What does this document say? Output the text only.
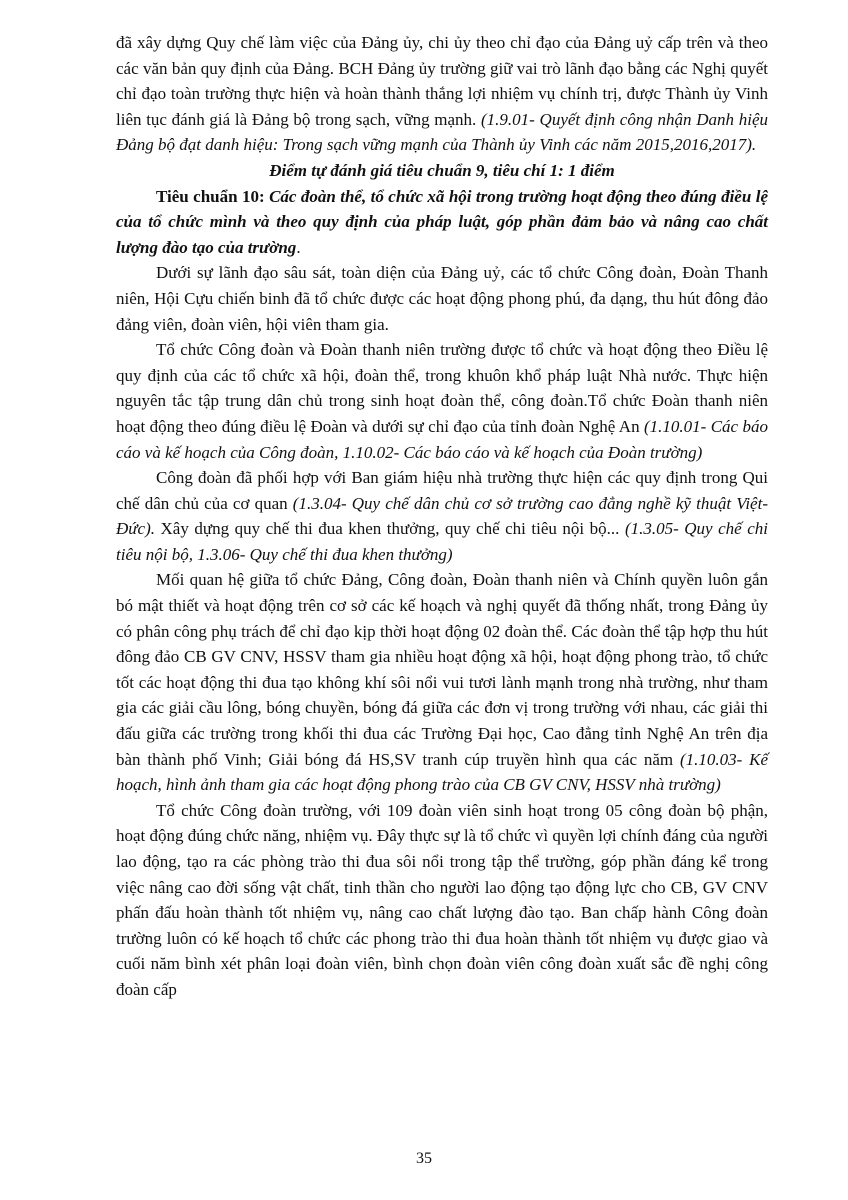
đã xây dựng Quy chế làm việc của Đảng ủy, chi ủy theo chỉ đạo của Đảng uỷ cấp trên và theo các văn bản quy định của Đảng. BCH Đảng ủy trường giữ vai trò lãnh đạo bằng các Nghị quyết chỉ đạo toàn trường thực hiện và hoàn thành thắng lợi nhiệm vụ chính trị, được Thành ủy Vinh liên tục đánh giá là Đảng bộ trong sạch, vững mạnh. (1.9.01- Quyết định công nhận Danh hiệu Đảng bộ đạt danh hiệu: Trong sạch vững mạnh của Thành ủy Vinh các năm 2015,2016,2017).

Điểm tự đánh giá tiêu chuẩn 9, tiêu chí 1: 1 điểm

Tiêu chuẩn 10: Các đoàn thể, tổ chức xã hội trong trường hoạt động theo đúng điều lệ của tổ chức mình và theo quy định của pháp luật, góp phần đảm bảo và nâng cao chất lượng đào tạo của trường.

Dưới sự lãnh đạo sâu sát, toàn diện của Đảng uỷ, các tổ chức Công đoàn, Đoàn Thanh niên, Hội Cựu chiến binh đã tổ chức được các hoạt động phong phú, đa dạng, thu hút đông đảo đảng viên, đoàn viên, hội viên tham gia.

Tổ chức Công đoàn và Đoàn thanh niên trường được tổ chức và hoạt động theo Điều lệ quy định của các tổ chức xã hội, đoàn thể, trong khuôn khổ pháp luật Nhà nước. Thực hiện nguyên tắc tập trung dân chủ trong sinh hoạt đoàn thể, công đoàn.Tổ chức Đoàn thanh niên hoạt động theo đúng điều lệ Đoàn và dưới sự chỉ đạo của tỉnh đoàn Nghệ An (1.10.01- Các báo cáo và kế hoạch của Công đoàn, 1.10.02- Các báo cáo và kế hoạch của Đoàn trường)

Công đoàn đã phối hợp với Ban giám hiệu nhà trường thực hiện các quy định trong Qui chế dân chủ của cơ quan (1.3.04- Quy chế dân chủ cơ sở trường cao đẳng nghề kỹ thuật Việt-Đức). Xây dựng quy chế thi đua khen thưởng, quy chế chi tiêu nội bộ... (1.3.05- Quy chế chi tiêu nội bộ, 1.3.06- Quy chế thi đua khen thưởng)

Mối quan hệ giữa tổ chức Đảng, Công đoàn, Đoàn thanh niên và Chính quyền luôn gắn bó mật thiết và hoạt động trên cơ sở các kế hoạch và nghị quyết đã thống nhất, trong Đảng ủy có phân công phụ trách để chỉ đạo kịp thời hoạt động 02 đoàn thể. Các đoàn thể tập hợp thu hút đông đảo CB GV CNV, HSSV tham gia nhiều hoạt động xã hội, hoạt động phong trào, tổ chức tốt các hoạt động thi đua tạo không khí sôi nổi vui tươi lành mạnh trong nhà trường, như tham gia các giải cầu lông, bóng chuyền, bóng đá giữa các đơn vị trong trường với nhau, các giải thi đấu giữa các trường trong khối thi đua các Trường Đại học, Cao đẳng tỉnh Nghệ An trên địa bàn thành phố Vinh; Giải bóng đá HS,SV tranh cúp truyền hình qua các năm (1.10.03- Kế hoạch, hình ảnh tham gia các hoạt động phong trào của CB GV CNV, HSSV nhà trường)

Tổ chức Công đoàn trường, với 109 đoàn viên sinh hoạt trong 05 công đoàn bộ phận, hoạt động đúng chức năng, nhiệm vụ. Đây thực sự là tổ chức vì quyền lợi chính đáng của người lao động, tạo ra các phòng trào thi đua sôi nổi trong tập thể trường, góp phần đáng kể trong việc nâng cao đời sống vật chất, tinh thần cho người lao động tạo động lực cho CB, GV CNV phấn đấu hoàn thành tốt nhiệm vụ, nâng cao chất lượng đào tạo. Ban chấp hành Công đoàn trường luôn có kế hoạch tổ chức các phong trào thi đua hoàn thành tốt nhiệm vụ được giao và cuối năm bình xét phân loại đoàn viên, bình chọn đoàn viên công đoàn xuất sắc đề nghị công đoàn cấp

35
